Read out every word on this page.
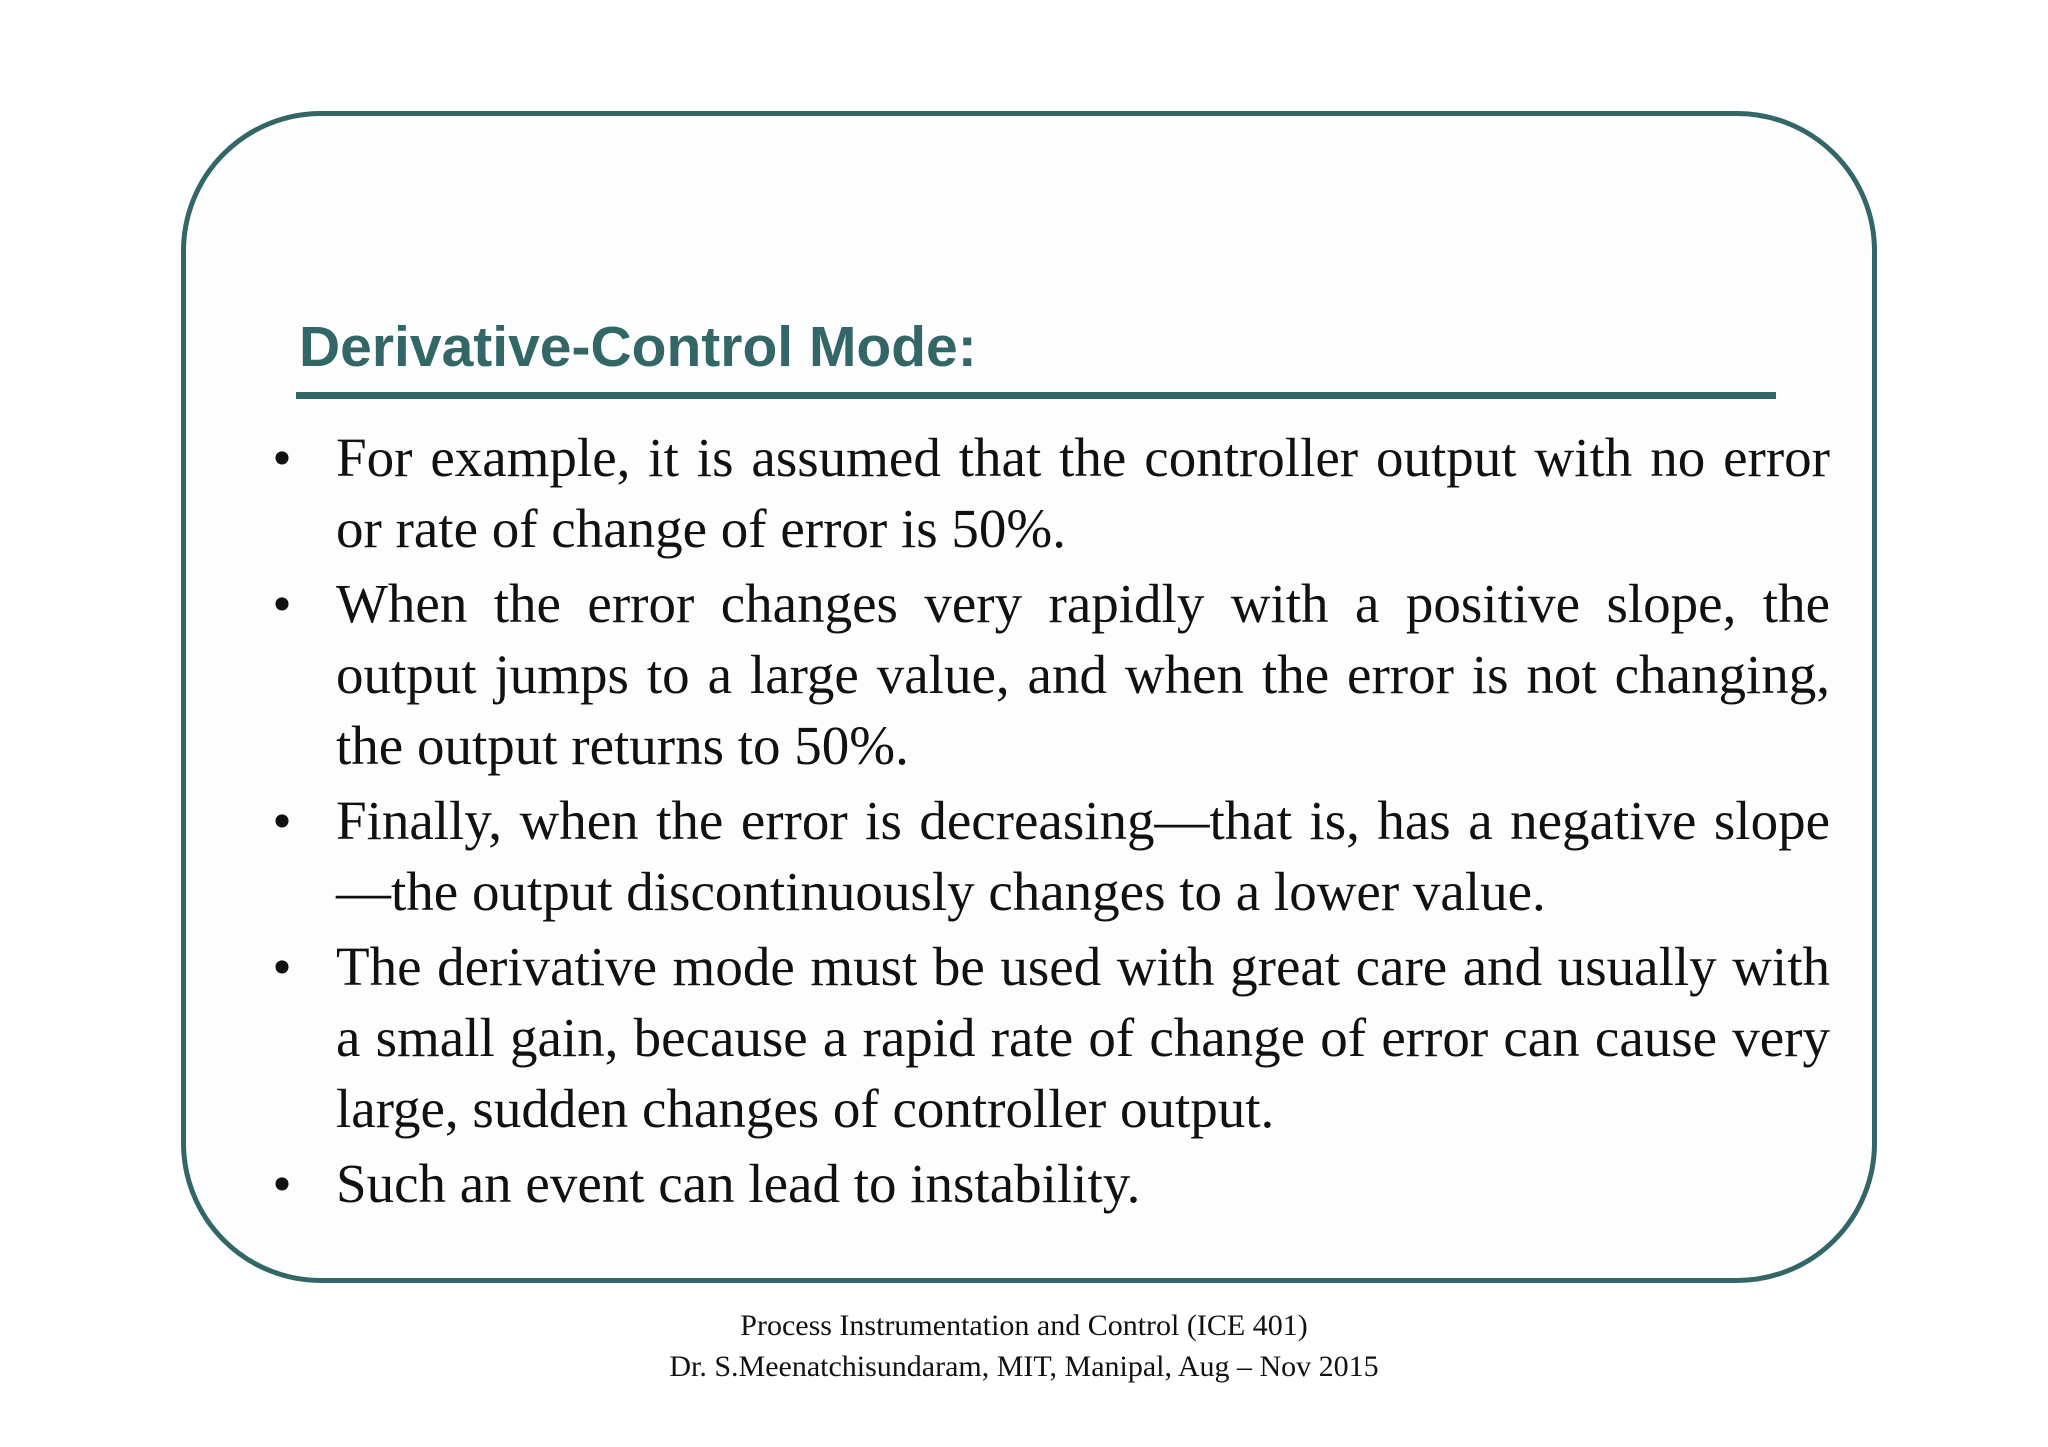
Derivative-Control Mode:
• For example, it is assumed that the controller output with no error or rate of change of error is 50%.
• When the error changes very rapidly with a positive slope, the output jumps to a large value, and when the error is not changing, the output returns to 50%.
• Finally, when the error is decreasing—that is, has a negative slope—the output discontinuously changes to a lower value.
• The derivative mode must be used with great care and usually with a small gain, because a rapid rate of change of error can cause very large, sudden changes of controller output.
• Such an event can lead to instability.
Process Instrumentation and Control (ICE 401)
Dr. S.Meenatchisundaram, MIT, Manipal, Aug – Nov 2015
